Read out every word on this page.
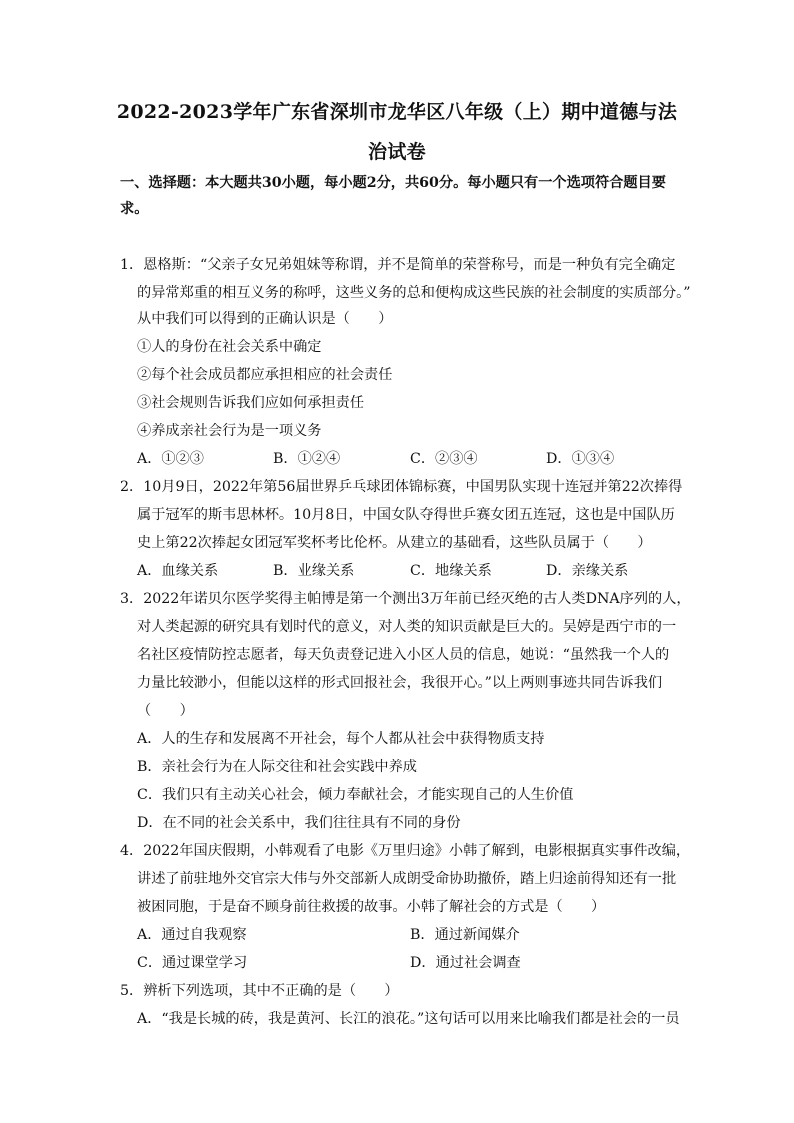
2022-2023学年广东省深圳市龙华区八年级（上）期中道德与法
治试卷
一、选择题：本大题共30小题，每小题2分，共60分。每小题只有一个选项符合题目要
求。
1．恩格斯：“父亲子女兄弟姐妹等称谓，并不是简单的荣誉称号，而是一种负有完全确定
的异常郑重的相互义务的称呼，这些义务的总和便构成这些民族的社会制度的实质部分。”
从中我们可以得到的正确认识是（　　）
①人的身份在社会关系中确定
②每个社会成员都应承担相应的社会责任
③社会规则告诉我们应如何承担责任
④养成亲社会行为是一项义务
A．①②③	B．①②④	C．②③④	D．①③④
2．10月9日，2022年第56届世界乒乓球团体锦标赛，中国男队实现十连冠并第22次捧得
属于冠军的斯韦思林杯。10月8日，中国女队夺得世乒赛女团五连冠，这也是中国队历
史上第22次捧起女团冠军奖杯考比伦杯。从建立的基础看，这些队员属于（　　）
A．血缘关系	B．业缘关系	C．地缘关系	D．亲缘关系
3．2022年诺贝尔医学奖得主帕博是第一个测出3万年前已经灭绝的古人类DNA序列的人，
对人类起源的研究具有划时代的意义，对人类的知识贡献是巨大的。吴婷是西宁市的一
名社区疫情防控志愿者，每天负责登记进入小区人员的信息，她说：“虽然我一个人的
力量比较渺小，但能以这样的形式回报社会，我很开心。”以上两则事迹共同告诉我们
（　　）
A．人的生存和发展离不开社会，每个人都从社会中获得物质支持
B．亲社会行为在人际交往和社会实践中养成
C．我们只有主动关心社会，倾力奉献社会，才能实现自己的人生价值
D．在不同的社会关系中，我们往往具有不同的身份
4．2022年国庆假期，小韩观看了电影《万里归途》小韩了解到，电影根据真实事件改编，
讲述了前驻地外交官宗大伟与外交部新人成朗受命协助撤侨，踏上归途前得知还有一批
被困同胞，于是奋不顾身前往救援的故事。小韩了解社会的方式是（　　）
A．通过自我观察	B．通过新闻媒介
C．通过课堂学习	D．通过社会调查
5．辨析下列选项，其中不正确的是（　　）
A．“我是长城的砖，我是黄河、长江的浪花。”这句话可以用来比喻我们都是社会的一员
